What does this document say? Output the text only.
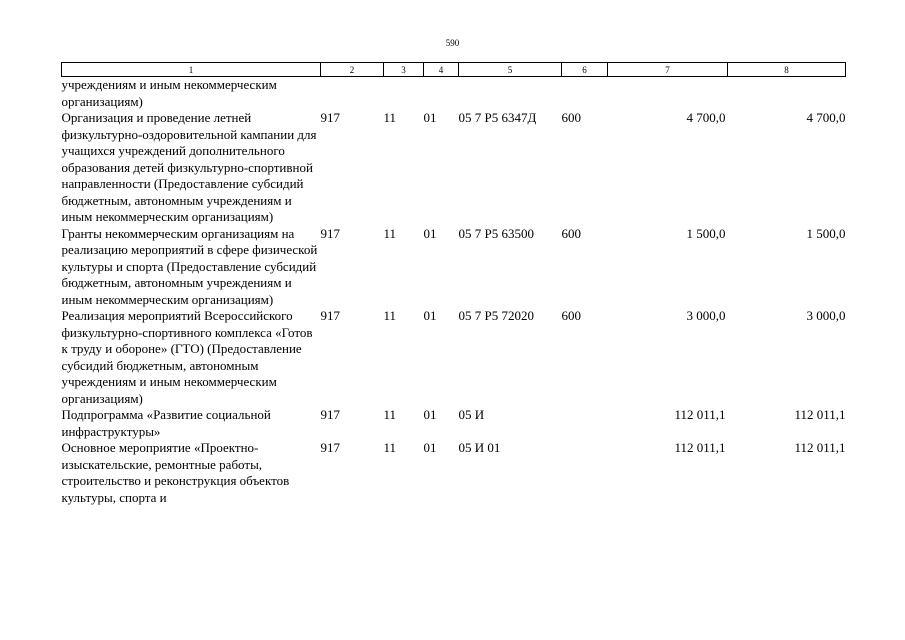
590
1	2	3	4	5	6	7	8
учреждениям и иным некоммерческим организациям)							
Организация и проведение летней физкультурно-оздоровительной кампании для учащихся учреждений дополнительного образования детей физкультурно-спортивной направленности (Предоставление субсидий бюджетным, автономным учреждениям и иным некоммерческим организациям)	917	11	01	05 7 Р5 6347Д	600	4 700,0	4 700,0
Гранты некоммерческим организациям на реализацию мероприятий в сфере физической культуры и спорта (Предоставление субсидий бюджетным, автономным учреждениям и иным некоммерческим организациям)	917	11	01	05 7 Р5 63500	600	1 500,0	1 500,0
Реализация мероприятий Всероссийского физкультурно-спортивного комплекса «Готов к труду и обороне» (ГТО) (Предоставление субсидий бюджетным, автономным учреждениям и иным некоммерческим организациям)	917	11	01	05 7 Р5 72020	600	3 000,0	3 000,0
Подпрограмма «Развитие социальной инфраструктуры»	917	11	01	05 И		112 011,1	112 011,1
Основное мероприятие «Проектно-изыскательские, ремонтные работы, строительство и реконструкция объектов культуры, спорта и	917	11	01	05 И 01		112 011,1	112 011,1
